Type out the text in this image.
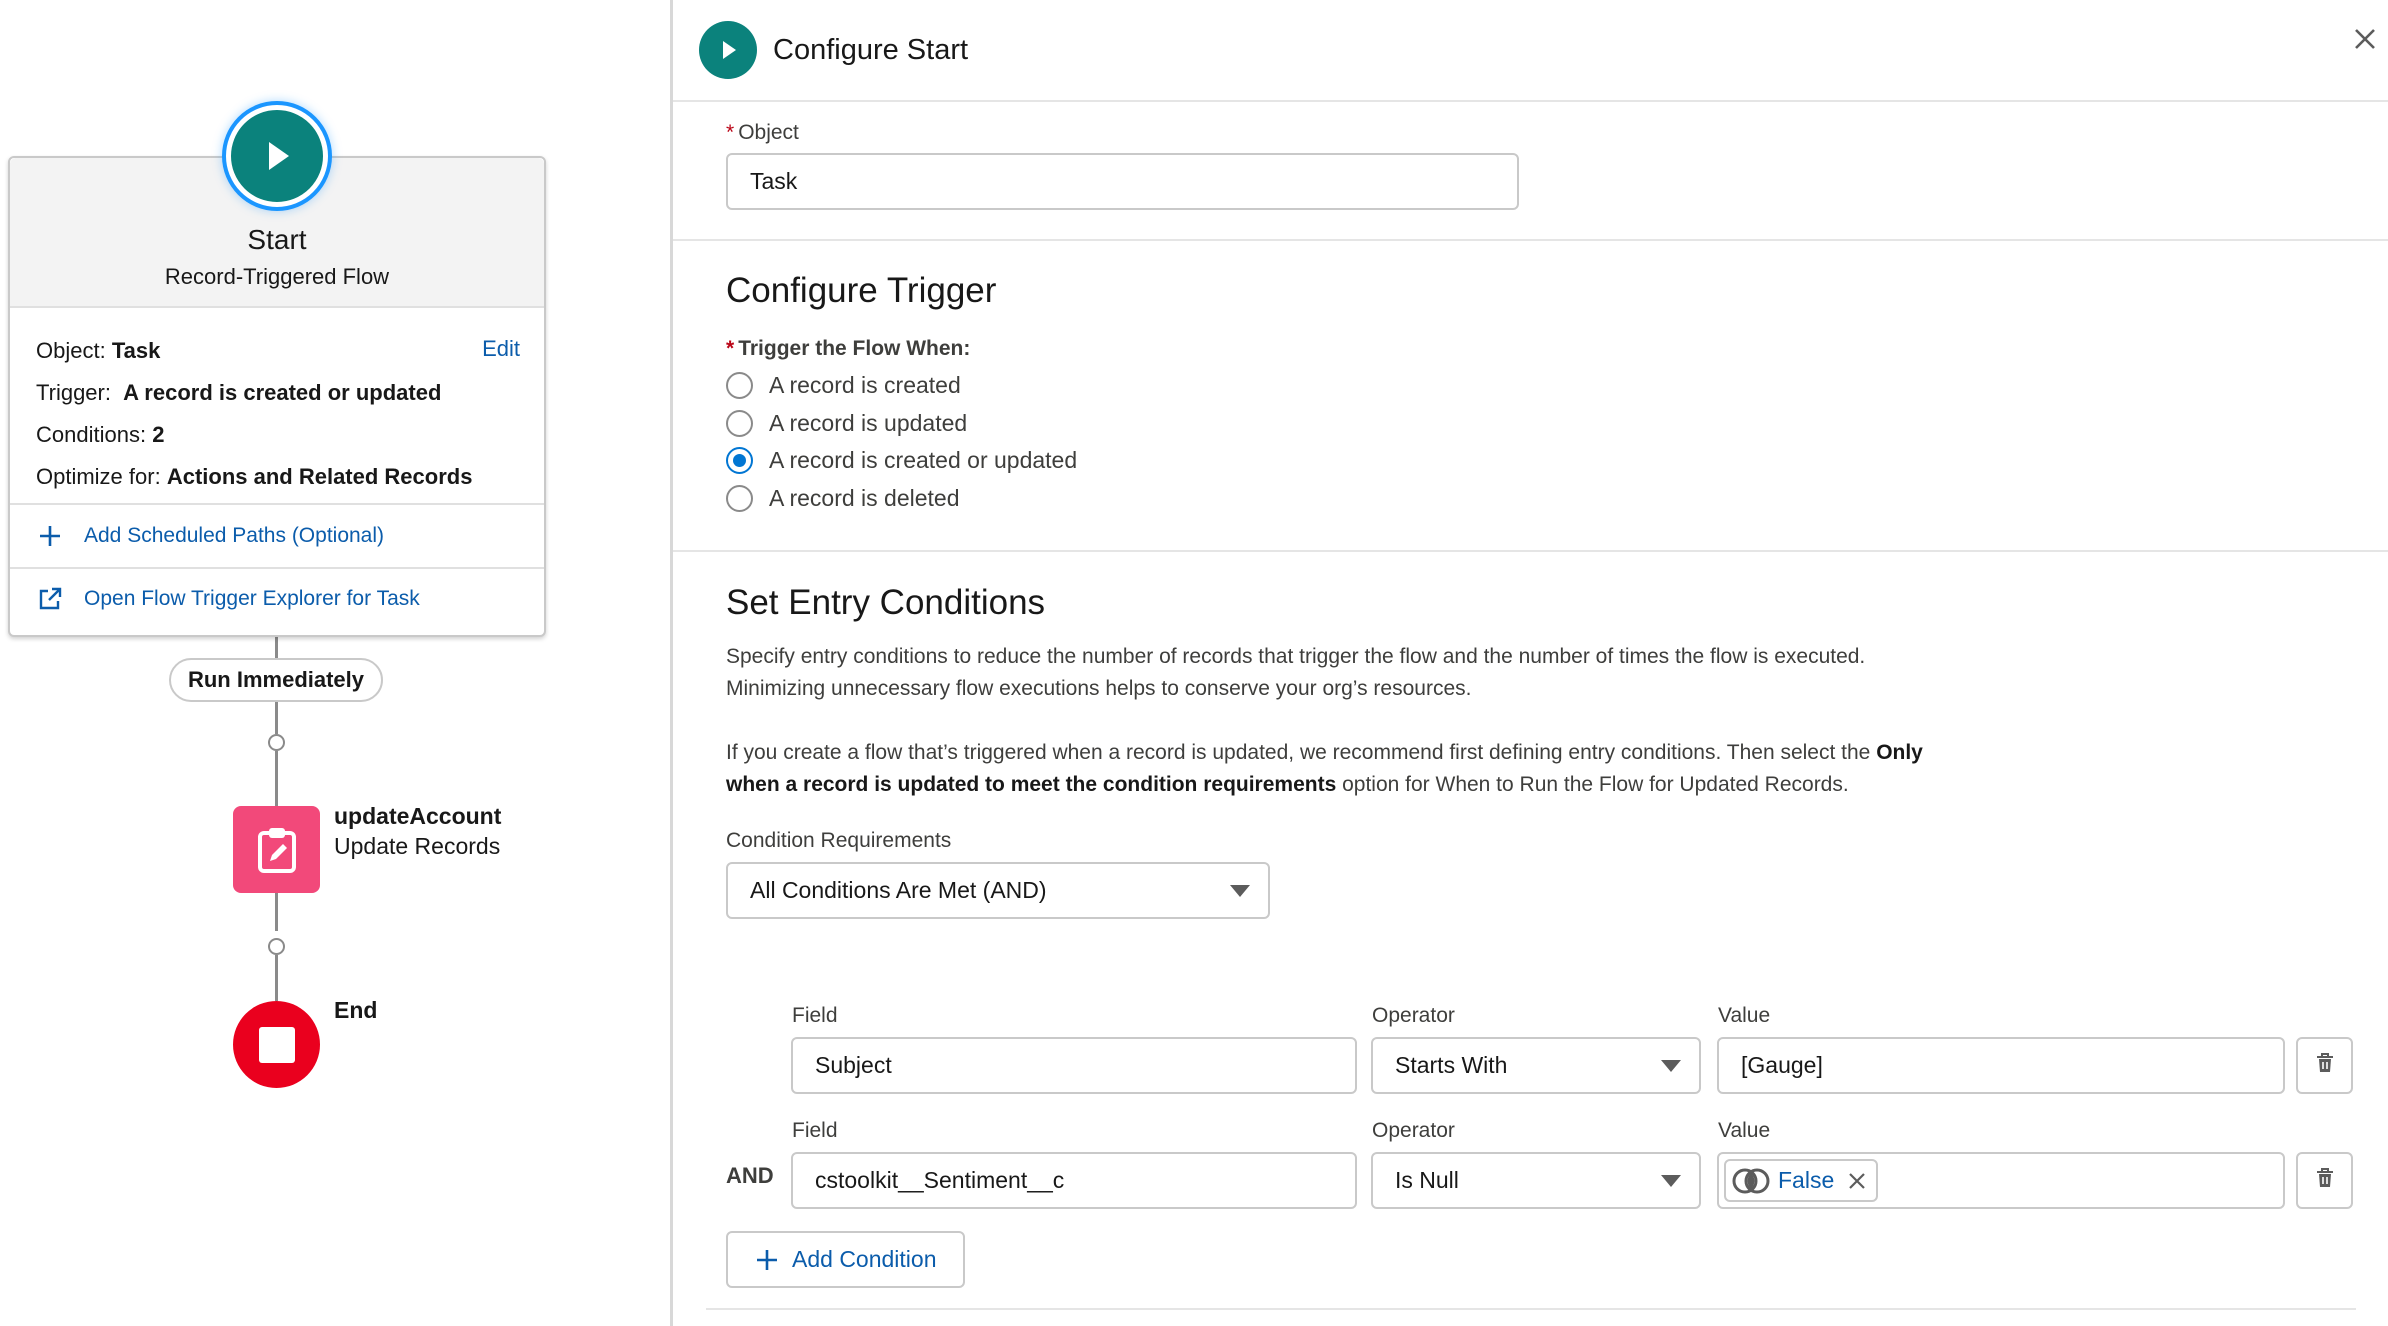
Start
Record-Triggered Flow
Object: Task
Trigger: A record is created or updated
Conditions: 2
Optimize for: Actions and Related Records
Edit
Add Scheduled Paths (Optional)
Open Flow Trigger Explorer for Task
Run Immediately
updateAccount
Update Records
End
Configure Start
* Object
Task
Configure Trigger
* Trigger the Flow When:
A record is created
A record is updated
A record is created or updated
A record is deleted
Set Entry Conditions
Specify entry conditions to reduce the number of records that trigger the flow and the number of times the flow is executed. Minimizing unnecessary flow executions helps to conserve your org’s resources.
If you create a flow that’s triggered when a record is updated, we recommend first defining entry conditions. Then select the Only when a record is updated to meet the condition requirements option for When to Run the Flow for Updated Records.
Condition Requirements
All Conditions Are Met (AND)
Field	Operator	Value
Subject	Starts With	[Gauge]
Field	Operator	Value
AND	cstoolkit__Sentiment__c	Is Null	False
Add Condition
